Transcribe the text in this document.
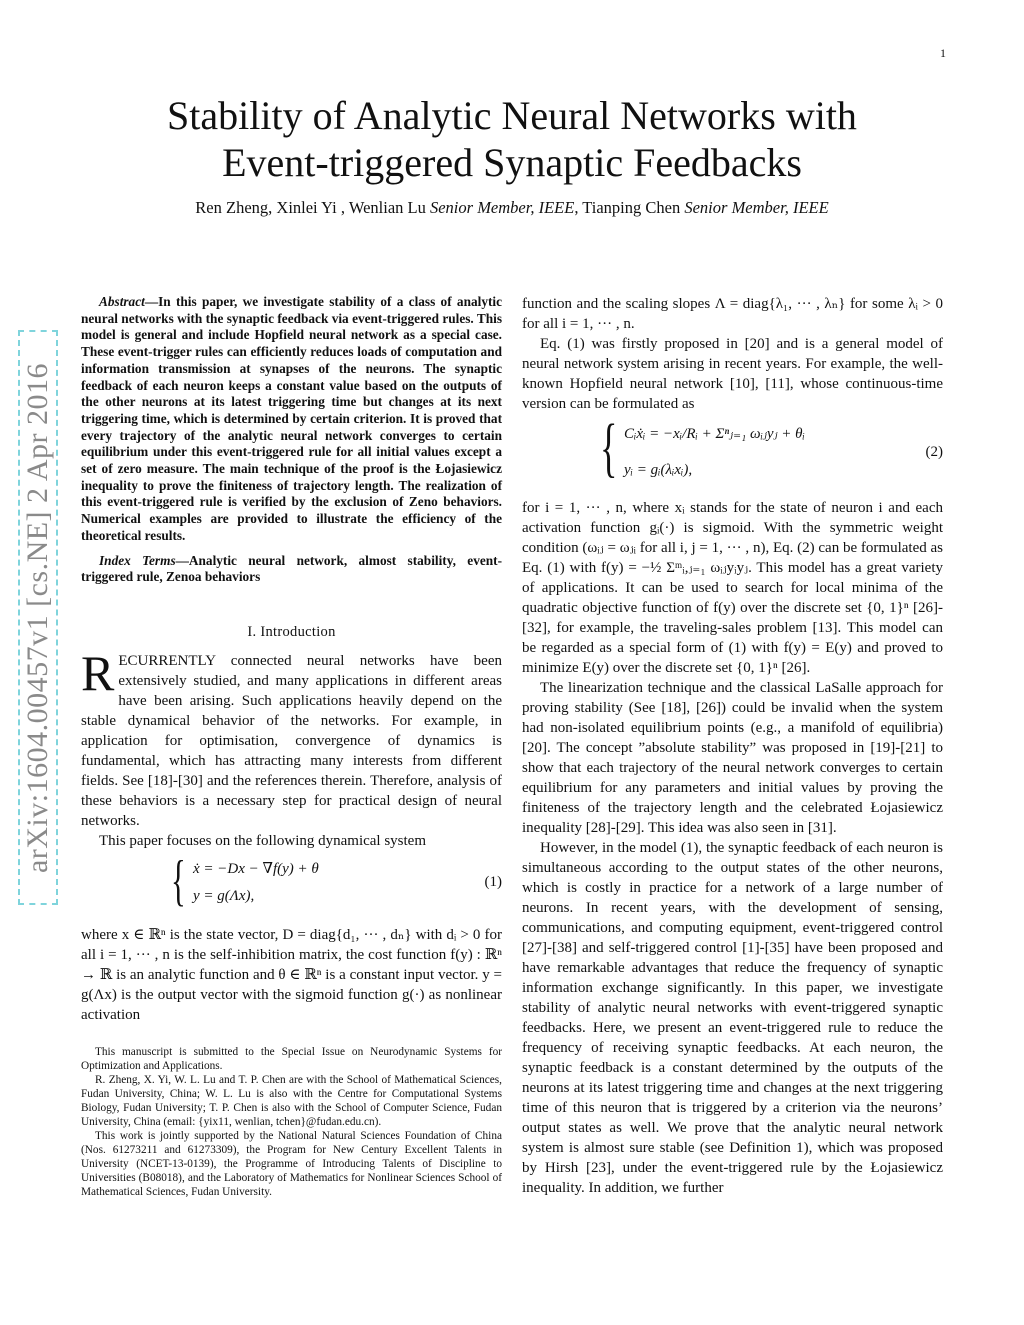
1
arXiv:1604.00457v1 [cs.NE] 2 Apr 2016
Stability of Analytic Neural Networks with
Event-triggered Synaptic Feedbacks
Ren Zheng, Xinlei Yi , Wenlian Lu Senior Member, IEEE, Tianping Chen Senior Member, IEEE

Abstract—In this paper, we investigate stability of a class of analytic neural networks with the synaptic feedback via event-triggered rules. This model is general and include Hopfield neural network as a special case. These event-trigger rules can efficiently reduces loads of computation and information transmission at synapses of the neurons. The synaptic feedback of each neuron keeps a constant value based on the outputs of the other neurons at its latest triggering time but changes at its next triggering time, which is determined by certain criterion. It is proved that every trajectory of the analytic neural network converges to certain equilibrium under this event-triggered rule for all initial values except a set of zero measure. The main technique of the proof is the Łojasiewicz inequality to prove the finiteness of trajectory length. The realization of this event-triggered rule is verified by the exclusion of Zeno behaviors. Numerical examples are provided to illustrate the efficiency of the theoretical results.

Index Terms—Analytic neural network, almost stability, event-triggered rule, Zenoa behaviors

I. Introduction

RECURRENTLY connected neural networks have been extensively studied, and many applications in different areas have been arising. Such applications heavily depend on the stable dynamical behavior of the networks. For example, in application for optimisation, convergence of dynamics is fundamental, which has attracting many interests from different fields. See [18]-[30] and the references therein. Therefore, analysis of these behaviors is a necessary step for practical design of neural networks.

This paper focuses on the following dynamical system

{ ẋ = −Dx − ∇f(y) + θ
y = g(Λx),
(1)

where x ∈ ℝⁿ is the state vector, D = diag{d₁, ··· , dₙ} with dᵢ > 0 for all i = 1, ··· , n is the self-inhibition matrix, the cost function f(y) : ℝⁿ → ℝ is an analytic function and θ ∈ ℝⁿ is a constant input vector. y = g(Λx) is the output vector with the sigmoid function g(·) as nonlinear activation

This manuscript is submitted to the Special Issue on Neurodynamic Systems for Optimization and Applications.

R. Zheng, X. Yi, W. L. Lu and T. P. Chen are with the School of Mathematical Sciences, Fudan University, China; W. L. Lu is also with the Centre for Computational Systems Biology, Fudan University; T. P. Chen is also with the School of Computer Science, Fudan University, China (email: {yix11, wenlian, tchen}@fudan.edu.cn).

This work is jointly supported by the National Natural Sciences Foundation of China (Nos. 61273211 and 61273309), the Program for New Century Excellent Talents in University (NCET-13-0139), the Programme of Introducing Talents of Discipline to Universities (B08018), and the Laboratory of Mathematics for Nonlinear Sciences School of Mathematical Sciences, Fudan University.

function and the scaling slopes Λ = diag{λ₁, ··· , λₙ} for some λᵢ > 0 for all i = 1, ··· , n.

Eq. (1) was firstly proposed in [20] and is a general model of neural network system arising in recent years. For example, the well-known Hopfield neural network [10], [11], whose continuous-time version can be formulated as

{ Cᵢẋᵢ = −xᵢ/Rᵢ + Σⁿⱼ₌₁ ωᵢⱼyⱼ + θᵢ
yᵢ = gᵢ(λᵢxᵢ),
(2)

for i = 1, ··· , n, where xᵢ stands for the state of neuron i and each activation function gᵢ(·) is sigmoid. With the symmetric weight condition (ωᵢⱼ = ωⱼᵢ for all i, j = 1, ··· , n), Eq. (2) can be formulated as Eq. (1) with f(y) = −½ Σᵐᵢ,ⱼ₌₁ ωᵢⱼyᵢyⱼ. This model has a great variety of applications. It can be used to search for local minima of the quadratic objective function of f(y) over the discrete set {0, 1}ⁿ [26]-[32], for example, the traveling-sales problem [13]. This model can be regarded as a special form of (1) with f(y) = E(y) and proved to minimize E(y) over the discrete set {0, 1}ⁿ [26].

The linearization technique and the classical LaSalle approach for proving stability (See [18], [26]) could be invalid when the system had non-isolated equilibrium points (e.g., a manifold of equilibria) [20]. The concept ”absolute stability” was proposed in [19]-[21] to show that each trajectory of the neural network converges to certain equilibrium for any parameters and initial values by proving the finiteness of the trajectory length and the celebrated Łojasiewicz inequality [28]-[29]. This idea was also seen in [31].

However, in the model (1), the synaptic feedback of each neuron is simultaneous according to the output states of the other neurons, which is costly in practice for a network of a large number of neurons. In recent years, with the development of sensing, communications, and computing equipment, event-triggered control [27]-[38] and self-triggered control [1]-[35] have been proposed and have remarkable advantages that reduce the frequency of synaptic information exchange significantly. In this paper, we investigate stability of analytic neural networks with event-triggered synaptic feedbacks. Here, we present an event-triggered rule to reduce the frequency of receiving synaptic feedbacks. At each neuron, the synaptic feedback is a constant determined by the outputs of the neurons at its latest triggering time and changes at the next triggering time of this neuron that is triggered by a criterion via the neurons’ output states as well. We prove that the analytic neural network system is almost sure stable (see Definition 1), which was proposed by Hirsh [23], under the event-triggered rule by the Łojasiewicz inequality. In addition, we further
